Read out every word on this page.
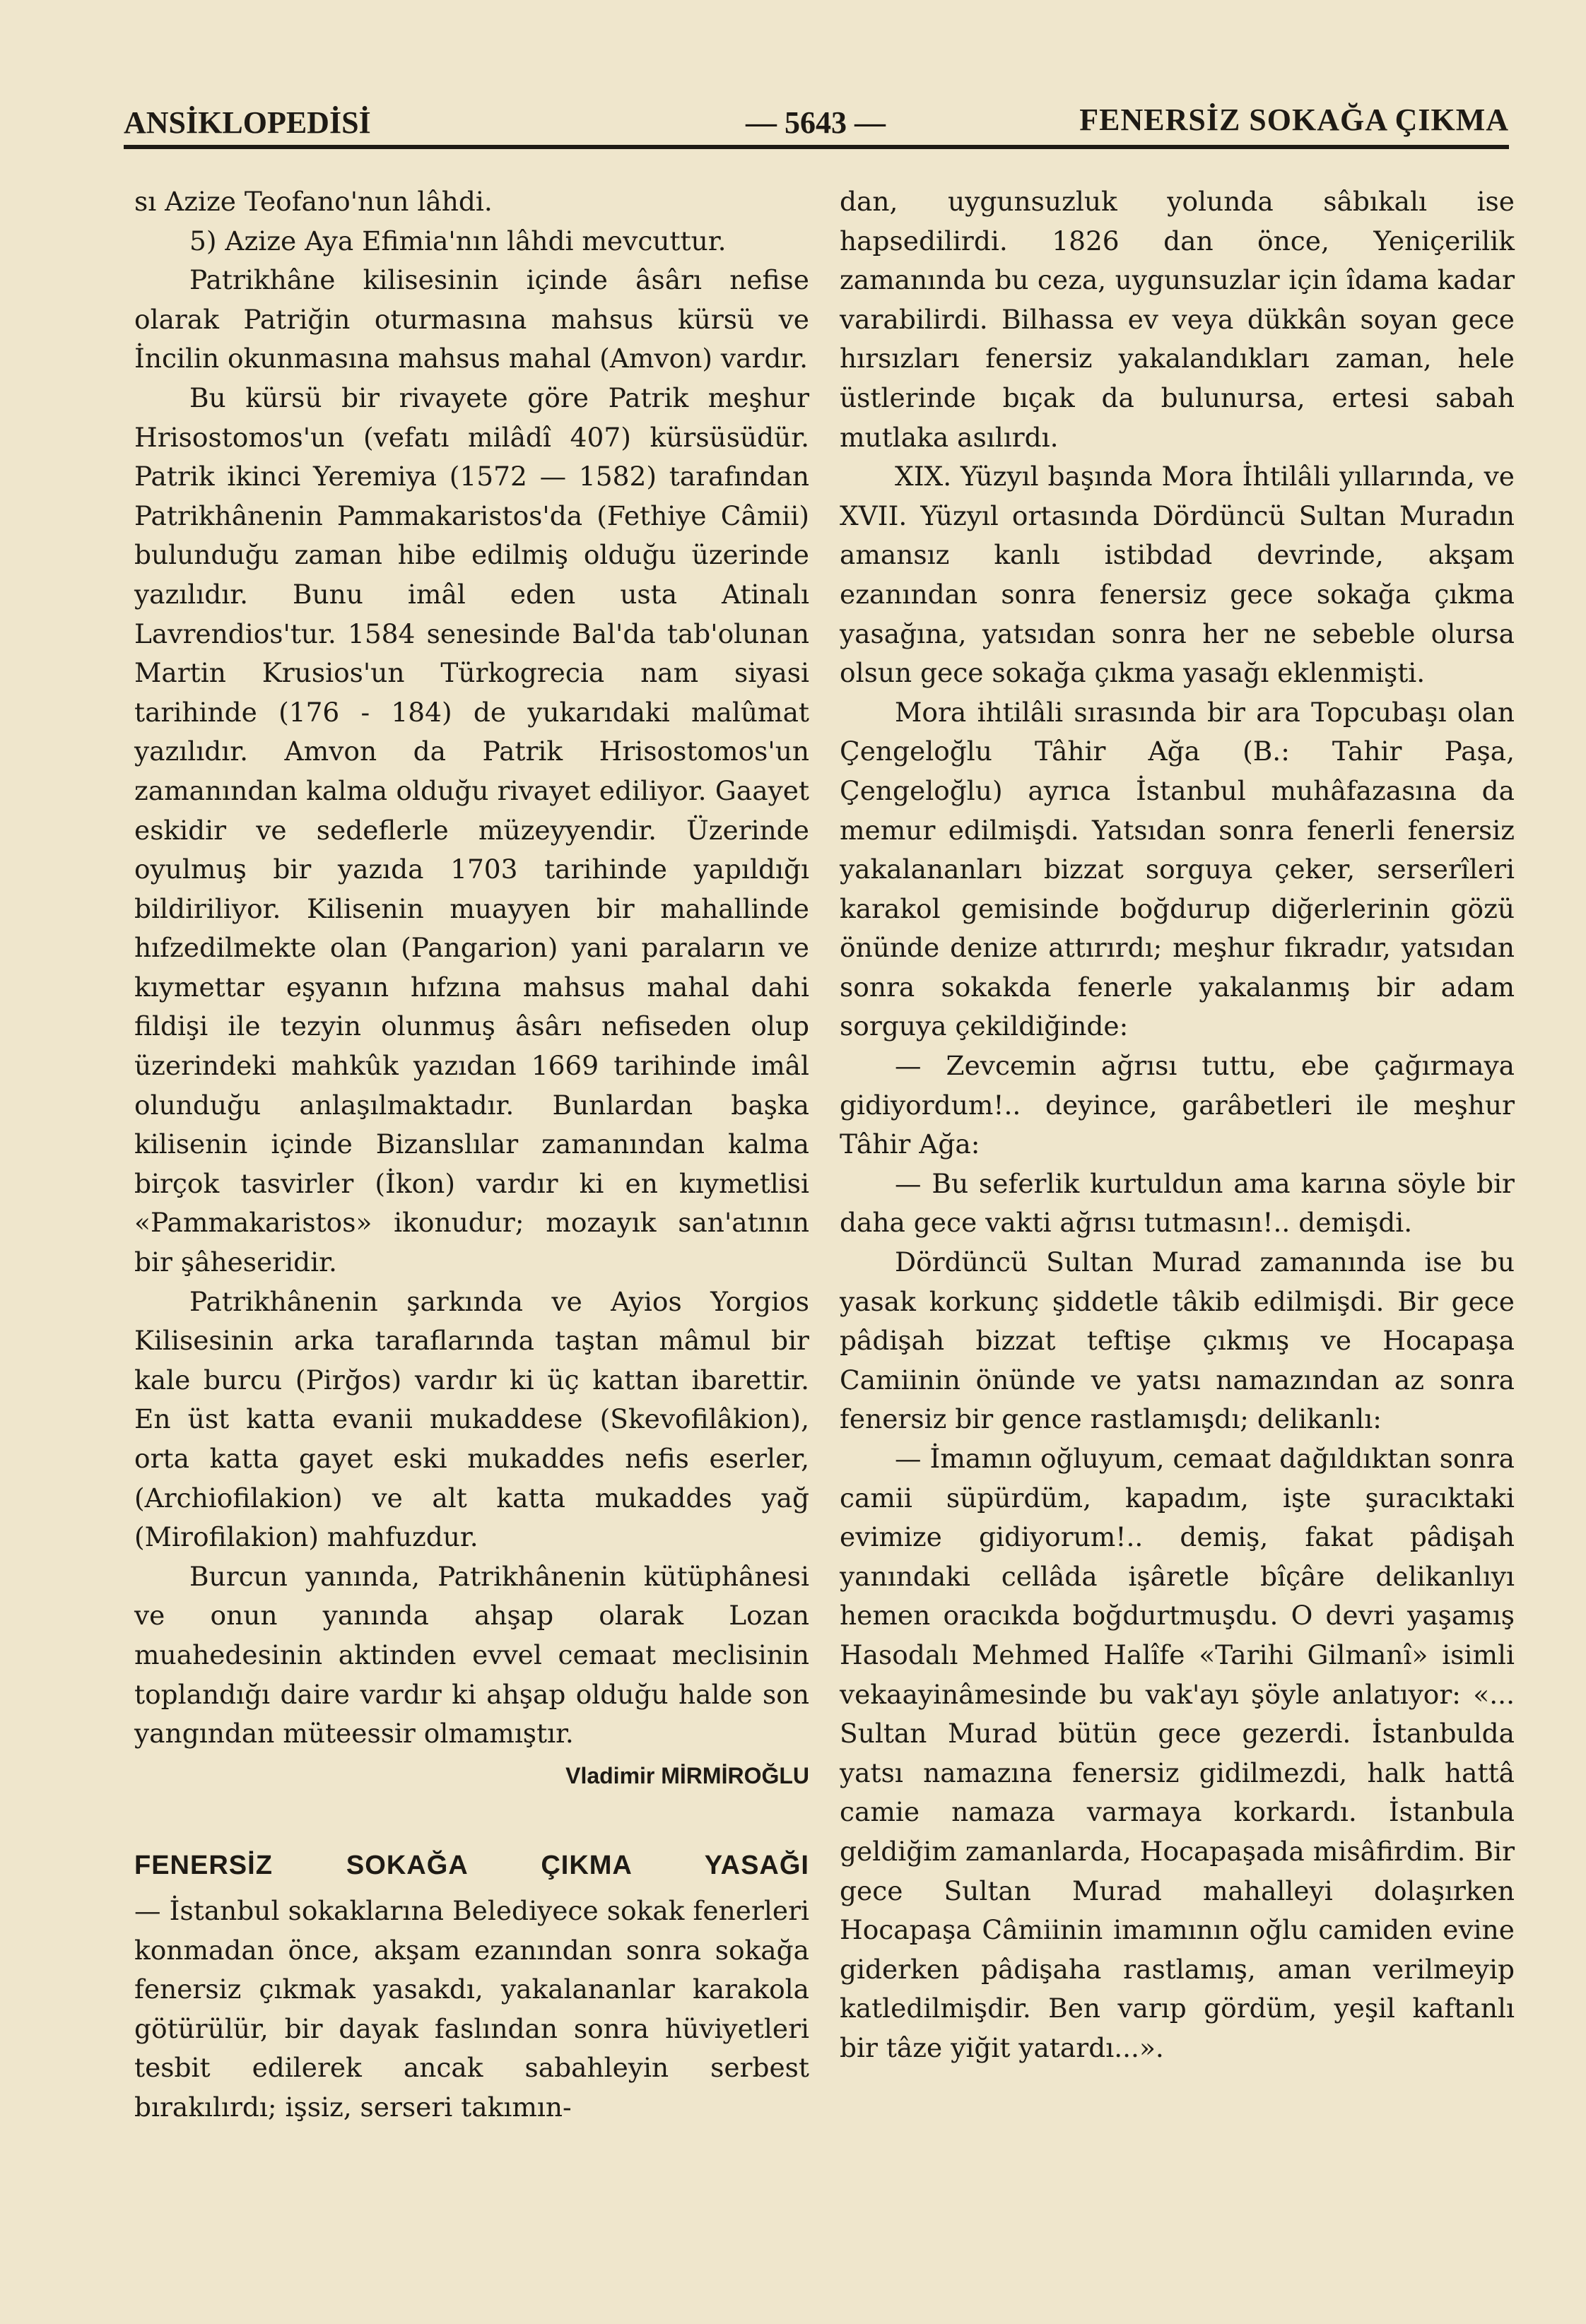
ANSİKLOPEDİSİ	— 5643 —	FENERSİZ SOKAĞA ÇIKMA

sı Azize Teofano'nun lâhdi.

5) Azize Aya Efimia'nın lâhdi mevcuttur.

Patrikhâne kilisesinin içinde âsârı nefise olarak Patriğin oturmasına mahsus kürsü ve İncilin okunmasına mahsus mahal (Amvon) vardır.

Bu kürsü bir rivayete göre Patrik meşhur Hrisostomos'un (vefatı milâdî 407) kürsüsüdür. Patrik ikinci Yeremiya (1572 — 1582) tarafından Patrikhânenin Pammakaristos'da (Fethiye Câmii) bulunduğu zaman hibe edilmiş olduğu üzerinde yazılıdır. Bunu imâl eden usta Atinalı Lavrendios'tur. 1584 senesinde Bal'da tab'olunan Martin Krusios'un Türkogrecia nam siyasi tarihinde (176 - 184) de yukarıdaki malûmat yazılıdır. Amvon da Patrik Hrisostomos'un zamanından kalma olduğu rivayet ediliyor. Gaayet eskidir ve sedeflerle müzeyyendir. Üzerinde oyulmuş bir yazıda 1703 tarihinde yapıldığı bildiriliyor. Kilisenin muayyen bir mahallinde hıfzedilmekte olan (Pangarion) yani paraların ve kıymettar eşyanın hıfzına mahsus mahal dahi fildişi ile tezyin olunmuş âsârı nefiseden olup üzerindeki mahkûk yazıdan 1669 tarihinde imâl olunduğu anlaşılmaktadır. Bunlardan başka kilisenin içinde Bizanslılar zamanından kalma birçok tasvirler (İkon) vardır ki en kıymetlisi «Pammakaristos» ikonudur; mozayık san'atının bir şâheseridir.

Patrikhânenin şarkında ve Ayios Yorgios Kilisesinin arka taraflarında taştan mâmul bir kale burcu (Pirğos) vardır ki üç kattan ibarettir. En üst katta evanii mukaddese (Skevofilâkion), orta katta gayet eski mukaddes nefis eserler, (Archiofilakion) ve alt katta mukaddes yağ (Mirofilakion) mahfuzdur.

Burcun yanında, Patrikhânenin kütüphânesi ve onun yanında ahşap olarak Lozan muahedesinin aktinden evvel cemaat meclisinin toplandığı daire vardır ki ahşap olduğu halde son yangından müteessir olmamıştır.

Vladimir MİRMİROĞLU

FENERSİZ SOKAĞA ÇIKMA YASAĞI

— İstanbul sokaklarına Belediyece sokak fenerleri konmadan önce, akşam ezanından sonra sokağa fenersiz çıkmak yasakdı, yakalananlar karakola götürülür, bir dayak faslından sonra hüviyetleri tesbit edilerek ancak sabahleyin serbest bırakılırdı; işsiz, serseri takımın-

dan, uygunsuzluk yolunda sâbıkalı ise hapsedilirdi. 1826 dan önce, Yeniçerilik zamanında bu ceza, uygunsuzlar için îdama kadar varabilirdi. Bilhassa ev veya dükkân soyan gece hırsızları fenersiz yakalandıkları zaman, hele üstlerinde bıçak da bulunursa, ertesi sabah mutlaka asılırdı.

XIX. Yüzyıl başında Mora İhtilâli yıllarında, ve XVII. Yüzyıl ortasında Dördüncü Sultan Muradın amansız kanlı istibdad devrinde, akşam ezanından sonra fenersiz gece sokağa çıkma yasağına, yatsıdan sonra her ne sebeble olursa olsun gece sokağa çıkma yasağı eklenmişti.

Mora ihtilâli sırasında bir ara Topcubaşı olan Çengeloğlu Tâhir Ağa (B.: Tahir Paşa, Çengeloğlu) ayrıca İstanbul muhâfazasına da memur edilmişdi. Yatsıdan sonra fenerli fenersiz yakalananları bizzat sorguya çeker, serserîleri karakol gemisinde boğdurup diğerlerinin gözü önünde denize attırırdı; meşhur fıkradır, yatsıdan sonra sokakda fenerle yakalanmış bir adam sorguya çekildiğinde:

— Zevcemin ağrısı tuttu, ebe çağırmaya gidiyordum!.. deyince, garâbetleri ile meşhur Tâhir Ağa:

— Bu seferlik kurtuldun ama karına söyle bir daha gece vakti ağrısı tutmasın!.. demişdi.

Dördüncü Sultan Murad zamanında ise bu yasak korkunç şiddetle tâkib edilmişdi. Bir gece pâdişah bizzat teftişe çıkmış ve Hocapaşa Camiinin önünde ve yatsı namazından az sonra fenersiz bir gence rastlamışdı; delikanlı:

— İmamın oğluyum, cemaat dağıldıktan sonra camii süpürdüm, kapadım, işte şuracıktaki evimize gidiyorum!.. demiş, fakat pâdişah yanındaki cellâda işâretle bîçâre delikanlıyı hemen oracıkda boğdurtmuşdu. O devri yaşamış Hasodalı Mehmed Halîfe «Tarihi Gilmanî» isimli vekaayinâmesinde bu vak'ayı şöyle anlatıyor: «... Sultan Murad bütün gece gezerdi. İstanbulda yatsı namazına fenersiz gidilmezdi, halk hattâ camie namaza varmaya korkardı. İstanbula geldiğim zamanlarda, Hocapaşada misâfirdim. Bir gece Sultan Murad mahalleyi dolaşırken Hocapaşa Câmiinin imamının oğlu camiden evine giderken pâdişaha rastlamış, aman verilmeyip katledilmişdir. Ben varıp gördüm, yeşil kaftanlı bir tâze yiğit yatardı...».
